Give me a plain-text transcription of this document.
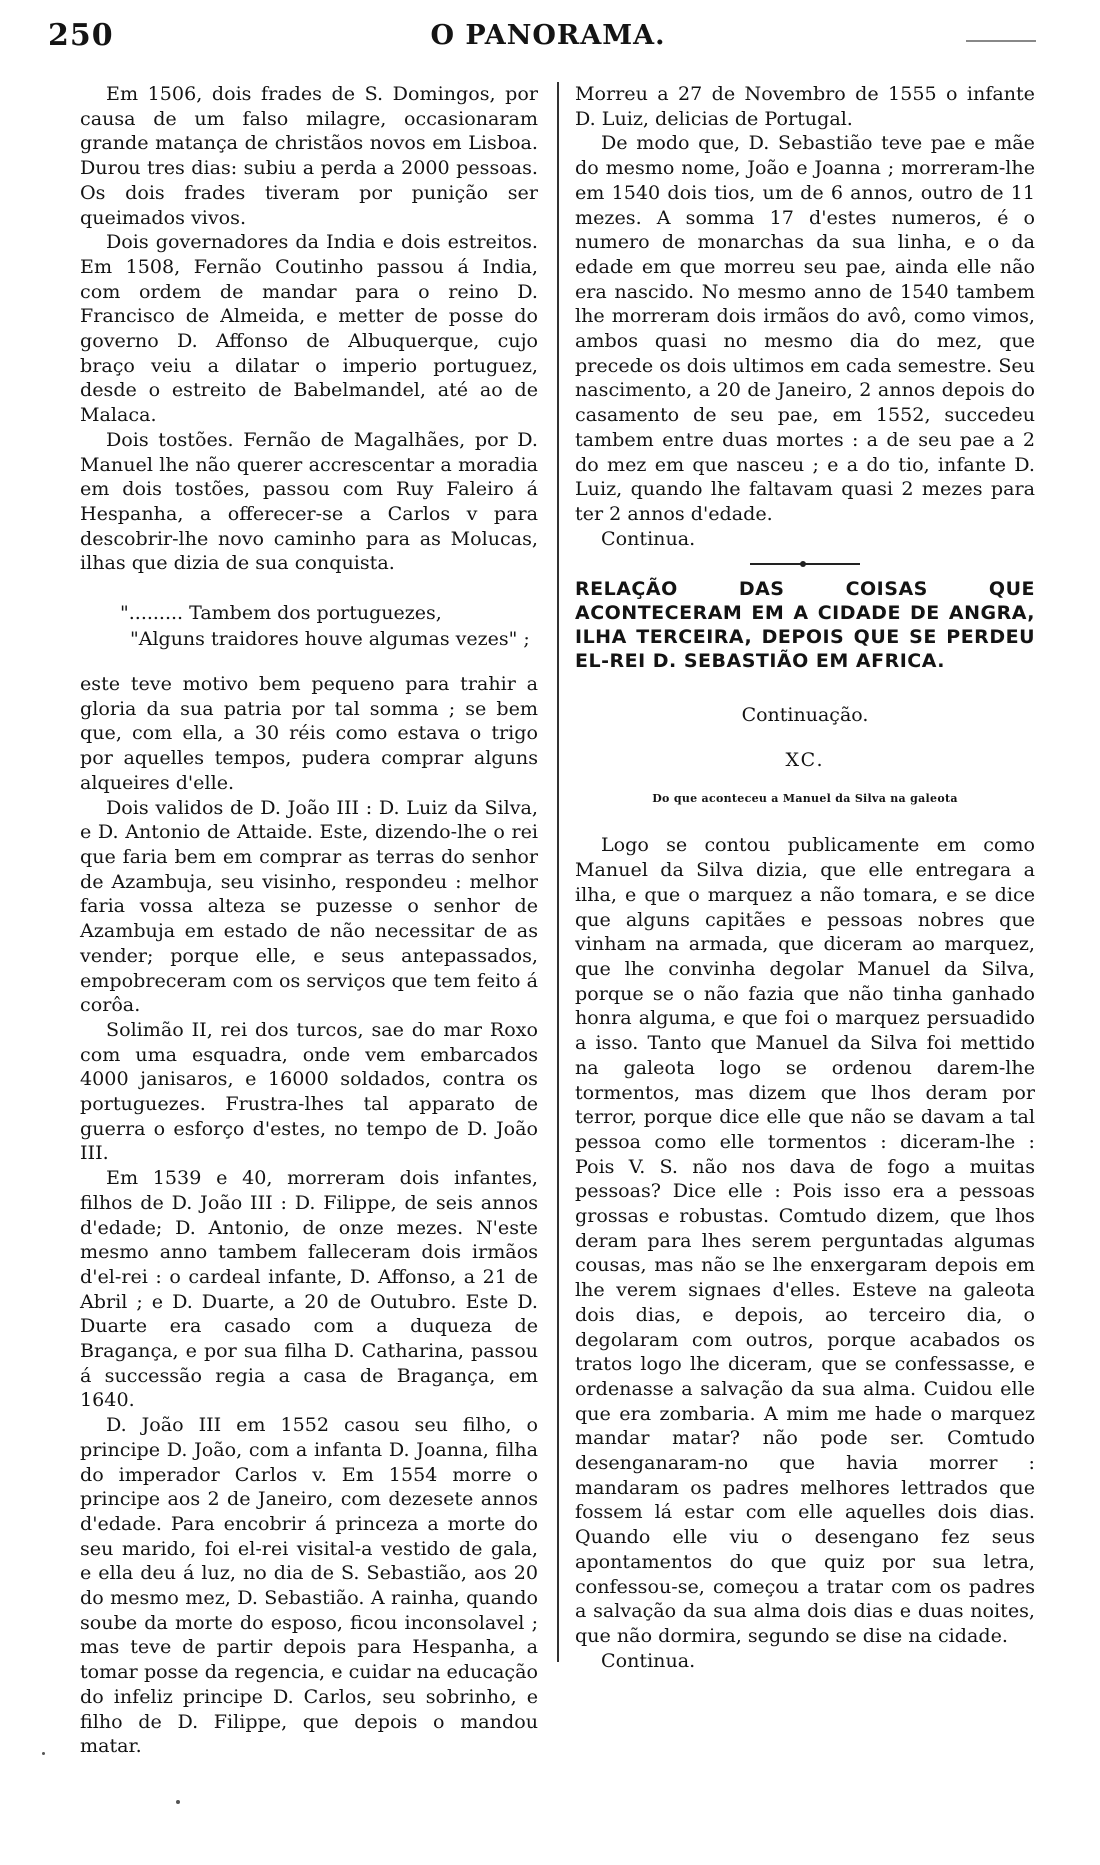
250	O PANORAMA.

Em 1506, dois frades de S. Domingos, por causa de um falso milagre, occasionaram grande matança de christãos novos em Lisboa. Durou tres dias: subiu a perda a 2000 pessoas. Os dois frades tiveram por punição ser queimados vivos.

Dois governadores da India e dois estreitos. Em 1508, Fernão Coutinho passou á India, com ordem de mandar para o reino D. Francisco de Almeida, e metter de posse do governo D. Affonso de Albuquerque, cujo braço veiu a dilatar o imperio portuguez, desde o estreito de Babelmandel, até ao de Malaca.

Dois tostões. Fernão de Magalhães, por D. Manuel lhe não querer accrescentar a moradia em dois tostões, passou com Ruy Faleiro á Hespanha, a offerecer-se a Carlos v para descobrir-lhe novo caminho para as Molucas, ilhas que dizia de sua conquista.

"......... Tambem dos portuguezes,
"Alguns traidores houve algumas vezes" ;

este teve motivo bem pequeno para trahir a gloria da sua patria por tal somma ; se bem que, com ella, a 30 réis como estava o trigo por aquelles tempos, pudera comprar alguns alqueires d'elle.

Dois validos de D. João III : D. Luiz da Silva, e D. Antonio de Attaide. Este, dizendo-lhe o rei que faria bem em comprar as terras do senhor de Azambuja, seu visinho, respondeu : melhor faria vossa alteza se puzesse o senhor de Azambuja em estado de não necessitar de as vender; porque elle, e seus antepassados, empobreceram com os serviços que tem feito á corôa.

Solimão II, rei dos turcos, sae do mar Roxo com uma esquadra, onde vem embarcados 4000 janisaros, e 16000 soldados, contra os portuguezes. Frustra-lhes tal apparato de guerra o esforço d'estes, no tempo de D. João III.

Em 1539 e 40, morreram dois infantes, filhos de D. João III : D. Filippe, de seis annos d'edade; D. Antonio, de onze mezes. N'este mesmo anno tambem falleceram dois irmãos d'el-rei : o cardeal infante, D. Affonso, a 21 de Abril ; e D. Duarte, a 20 de Outubro. Este D. Duarte era casado com a duqueza de Bragança, e por sua filha D. Catharina, passou á successão regia a casa de Bragança, em 1640.

D. João III em 1552 casou seu filho, o principe D. João, com a infanta D. Joanna, filha do imperador Carlos v. Em 1554 morre o principe aos 2 de Janeiro, com dezesete annos d'edade. Para encobrir á princeza a morte do seu marido, foi el-rei visital-a vestido de gala, e ella deu á luz, no dia de S. Sebastião, aos 20 do mesmo mez, D. Sebastião. A rainha, quando soube da morte do esposo, ficou inconsolavel ; mas teve de partir depois para Hespanha, a tomar posse da regencia, e cuidar na educação do infeliz principe D. Carlos, seu sobrinho, e filho de D. Filippe, que depois o mandou matar.

Morreu a 27 de Novembro de 1555 o infante D. Luiz, delicias de Portugal.

De modo que, D. Sebastião teve pae e mãe do mesmo nome, João e Joanna ; morreram-lhe em 1540 dois tios, um de 6 annos, outro de 11 mezes. A somma 17 d'estes numeros, é o numero de monarchas da sua linha, e o da edade em que morreu seu pae, ainda elle não era nascido. No mesmo anno de 1540 tambem lhe morreram dois irmãos do avô, como vimos, ambos quasi no mesmo dia do mez, que precede os dois ultimos em cada semestre. Seu nascimento, a 20 de Janeiro, 2 annos depois do casamento de seu pae, em 1552, succedeu tambem entre duas mortes : a de seu pae a 2 do mez em que nasceu ; e a do tio, infante D. Luiz, quando lhe faltavam quasi 2 mezes para ter 2 annos d'edade.

Continua.

RELAÇÃO DAS COISAS QUE ACONTECERAM EM A CIDADE DE ANGRA, ILHA TERCEIRA, DEPOIS QUE SE PERDEU EL-REI D. SEBASTIÃO EM AFRICA.
Continuação.
XC.
Do que aconteceu a Manuel da Silva na galeota

Logo se contou publicamente em como Manuel da Silva dizia, que elle entregara a ilha, e que o marquez a não tomara, e se dice que alguns capitães e pessoas nobres que vinham na armada, que diceram ao marquez, que lhe convinha degolar Manuel da Silva, porque se o não fazia que não tinha ganhado honra alguma, e que foi o marquez persuadido a isso. Tanto que Manuel da Silva foi mettido na galeota logo se ordenou darem-lhe tormentos, mas dizem que lhos deram por terror, porque dice elle que não se davam a tal pessoa como elle tormentos : diceram-lhe : Pois V. S. não nos dava de fogo a muitas pessoas? Dice elle : Pois isso era a pessoas grossas e robustas. Comtudo dizem, que lhos deram para lhes serem perguntadas algumas cousas, mas não se lhe enxergaram depois em lhe verem signaes d'elles. Esteve na galeota dois dias, e depois, ao terceiro dia, o degolaram com outros, porque acabados os tratos logo lhe diceram, que se confessasse, e ordenasse a salvação da sua alma. Cuidou elle que era zombaria. A mim me hade o marquez mandar matar? não pode ser. Comtudo desenganaram-no que havia morrer : mandaram os padres melhores lettrados que fossem lá estar com elle aquelles dois dias. Quando elle viu o desengano fez seus apontamentos do que quiz por sua letra, confessou-se, começou a tratar com os padres a salvação da sua alma dois dias e duas noites, que não dormira, segundo se dise na cidade.

Continua.
